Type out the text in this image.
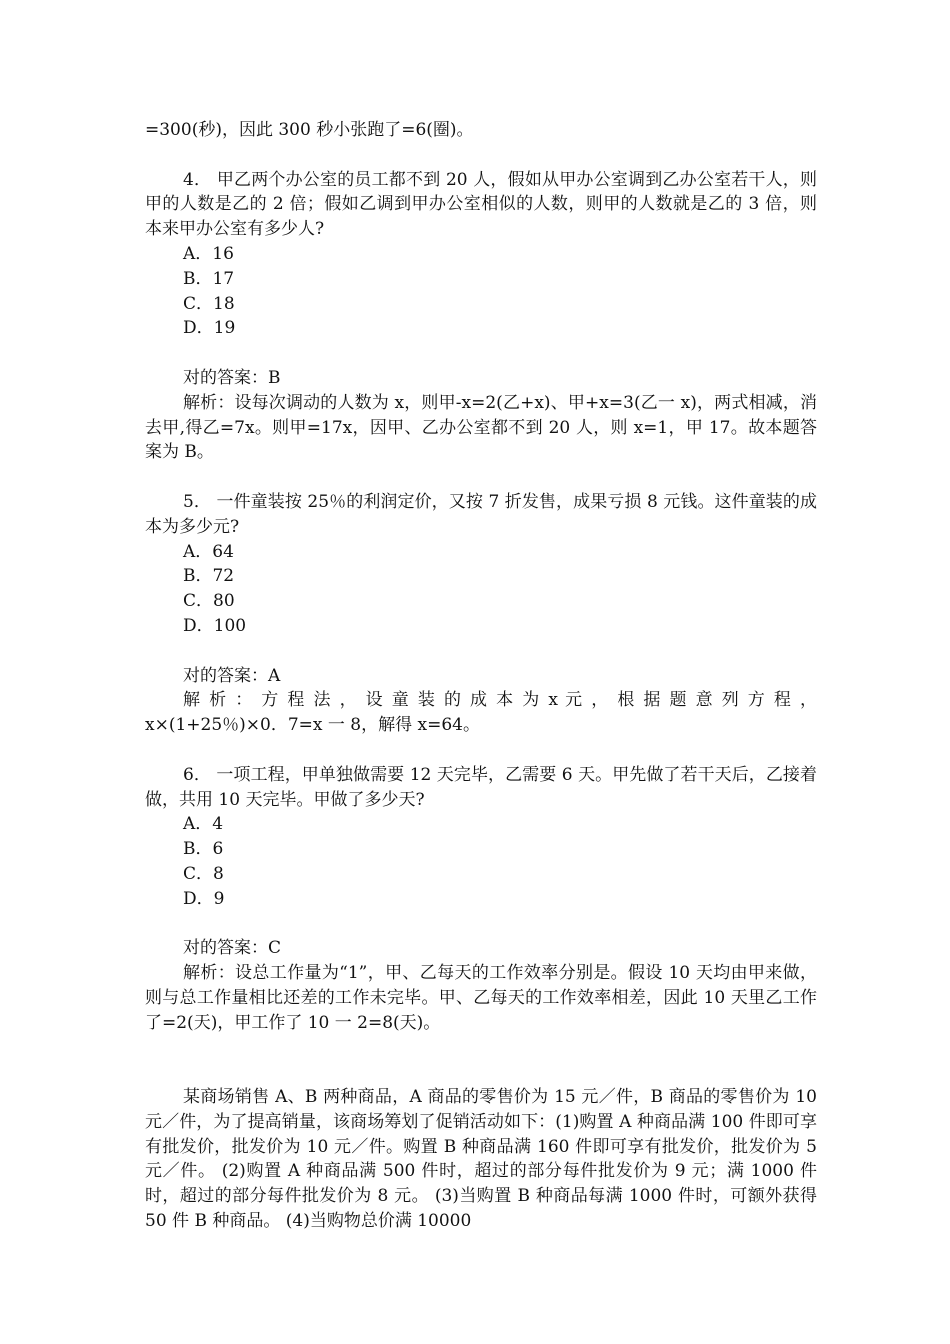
=300(秒)，因此 300 秒小张跑了=6(圈)。

4． 甲乙两个办公室的员工都不到 20 人，假如从甲办公室调到乙办公室若干人，则甲的人数是乙的 2 倍；假如乙调到甲办公室相似的人数，则甲的人数就是乙的 3 倍，则本来甲办公室有多少人?

A．16

B．17

C．18

D．19

对的答案：B

解析：设每次调动的人数为 x，则甲-x=2(乙+x)、甲+x=3(乙一 x)，两式相减，消去甲,得乙=7x。则甲=17x，因甲、乙办公室都不到 20 人，则 x=1，甲 17。故本题答案为 B。

5． 一件童装按 25％的利润定价，又按 7 折发售，成果亏损 8 元钱。这件童装的成本为多少元?

A．64

B．72

C．80

D．100

对的答案：A

解 析 ： 方 程 法 ， 设 童 装 的 成 本 为 x 元 ， 根 据 题 意 列 方 程 ，

x×(1+25％)×0．7=x 一 8，解得 x=64。

6． 一项工程，甲单独做需要 12 天完毕，乙需要 6 天。甲先做了若干天后，乙接着做，共用 10 天完毕。甲做了多少天?

A．4

B．6

C．8

D．9

对的答案：C

解析：设总工作量为“1”，甲、乙每天的工作效率分别是。假设 10 天均由甲来做，则与总工作量相比还差的工作未完毕。甲、乙每天的工作效率相差，因此 10 天里乙工作了=2(天)，甲工作了 10 一 2=8(天)。

某商场销售 A、B 两种商品，A 商品的零售价为 15 元／件，B 商品的零售价为 10 元／件，为了提高销量，该商场筹划了促销活动如下：(1)购置 A 种商品满 100 件即可享有批发价，批发价为 10 元／件。购置 B 种商品满 160 件即可享有批发价，批发价为 5 元／件。 (2)购置 A 种商品满 500 件时，超过的部分每件批发价为 9 元；满 1000 件时，超过的部分每件批发价为 8 元。 (3)当购置 B 种商品每满 1000 件时，可额外获得 50 件 B 种商品。 (4)当购物总价满 10000
